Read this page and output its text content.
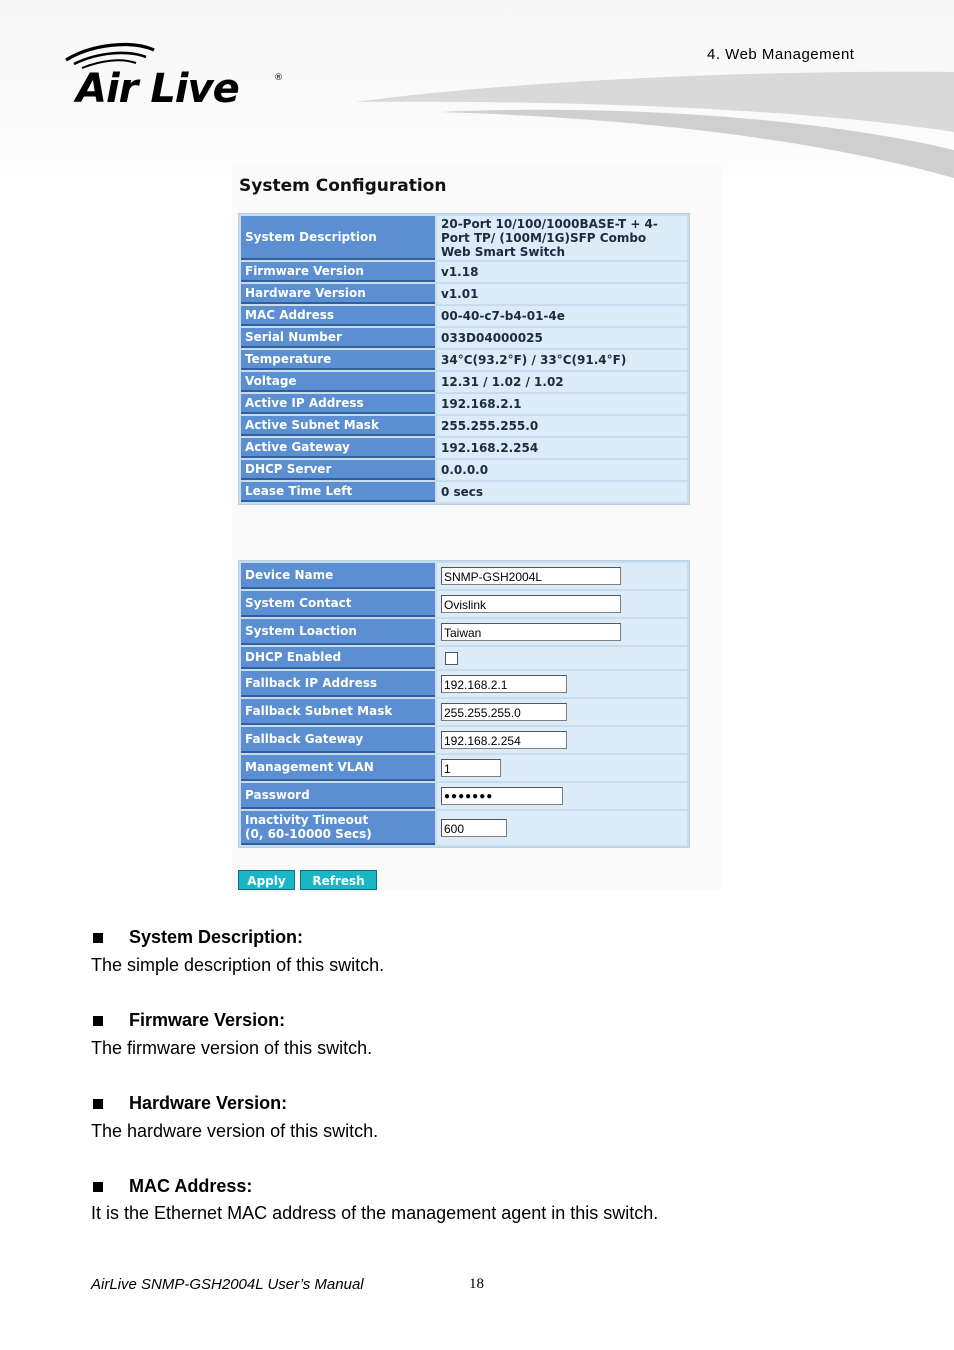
Air Live	®
4. Web Management
System Configuration
System Description	20-Port 10/100/1000BASE-T + 4-
Port TP/ (100M/1G)SFP Combo
Web Smart Switch

Firmware Version	v1.18
Hardware Version	v1.01
MAC Address	00-40-c7-b4-01-4e
Serial Number	033D04000025
Temperature	34°C(93.2°F) / 33°C(91.4°F)
Voltage	12.31 / 1.02 / 1.02
Active IP Address	192.168.2.1
Active Subnet Mask	255.255.255.0
Active Gateway	192.168.2.254
DHCP Server	0.0.0.0
Lease Time Left	0 secs
Device Name	SNMP-GSH2004L
System Contact	Ovislink
System Loaction	Taiwan
DHCP Enabled	
Fallback IP Address	192.168.2.1
Fallback Subnet Mask	255.255.255.0
Fallback Gateway	192.168.2.254
Management VLAN	1
Password	●●●●●●●

Inactivity Timeout
(0, 60-10000 Secs)	600
Apply	Refresh
System Description:
The simple description of this switch.
Firmware Version:
The firmware version of this switch.
Hardware Version:
The hardware version of this switch.
MAC Address:
It is the Ethernet MAC address of the management agent in this switch.
AirLive SNMP-GSH2004L User’s Manual	18
